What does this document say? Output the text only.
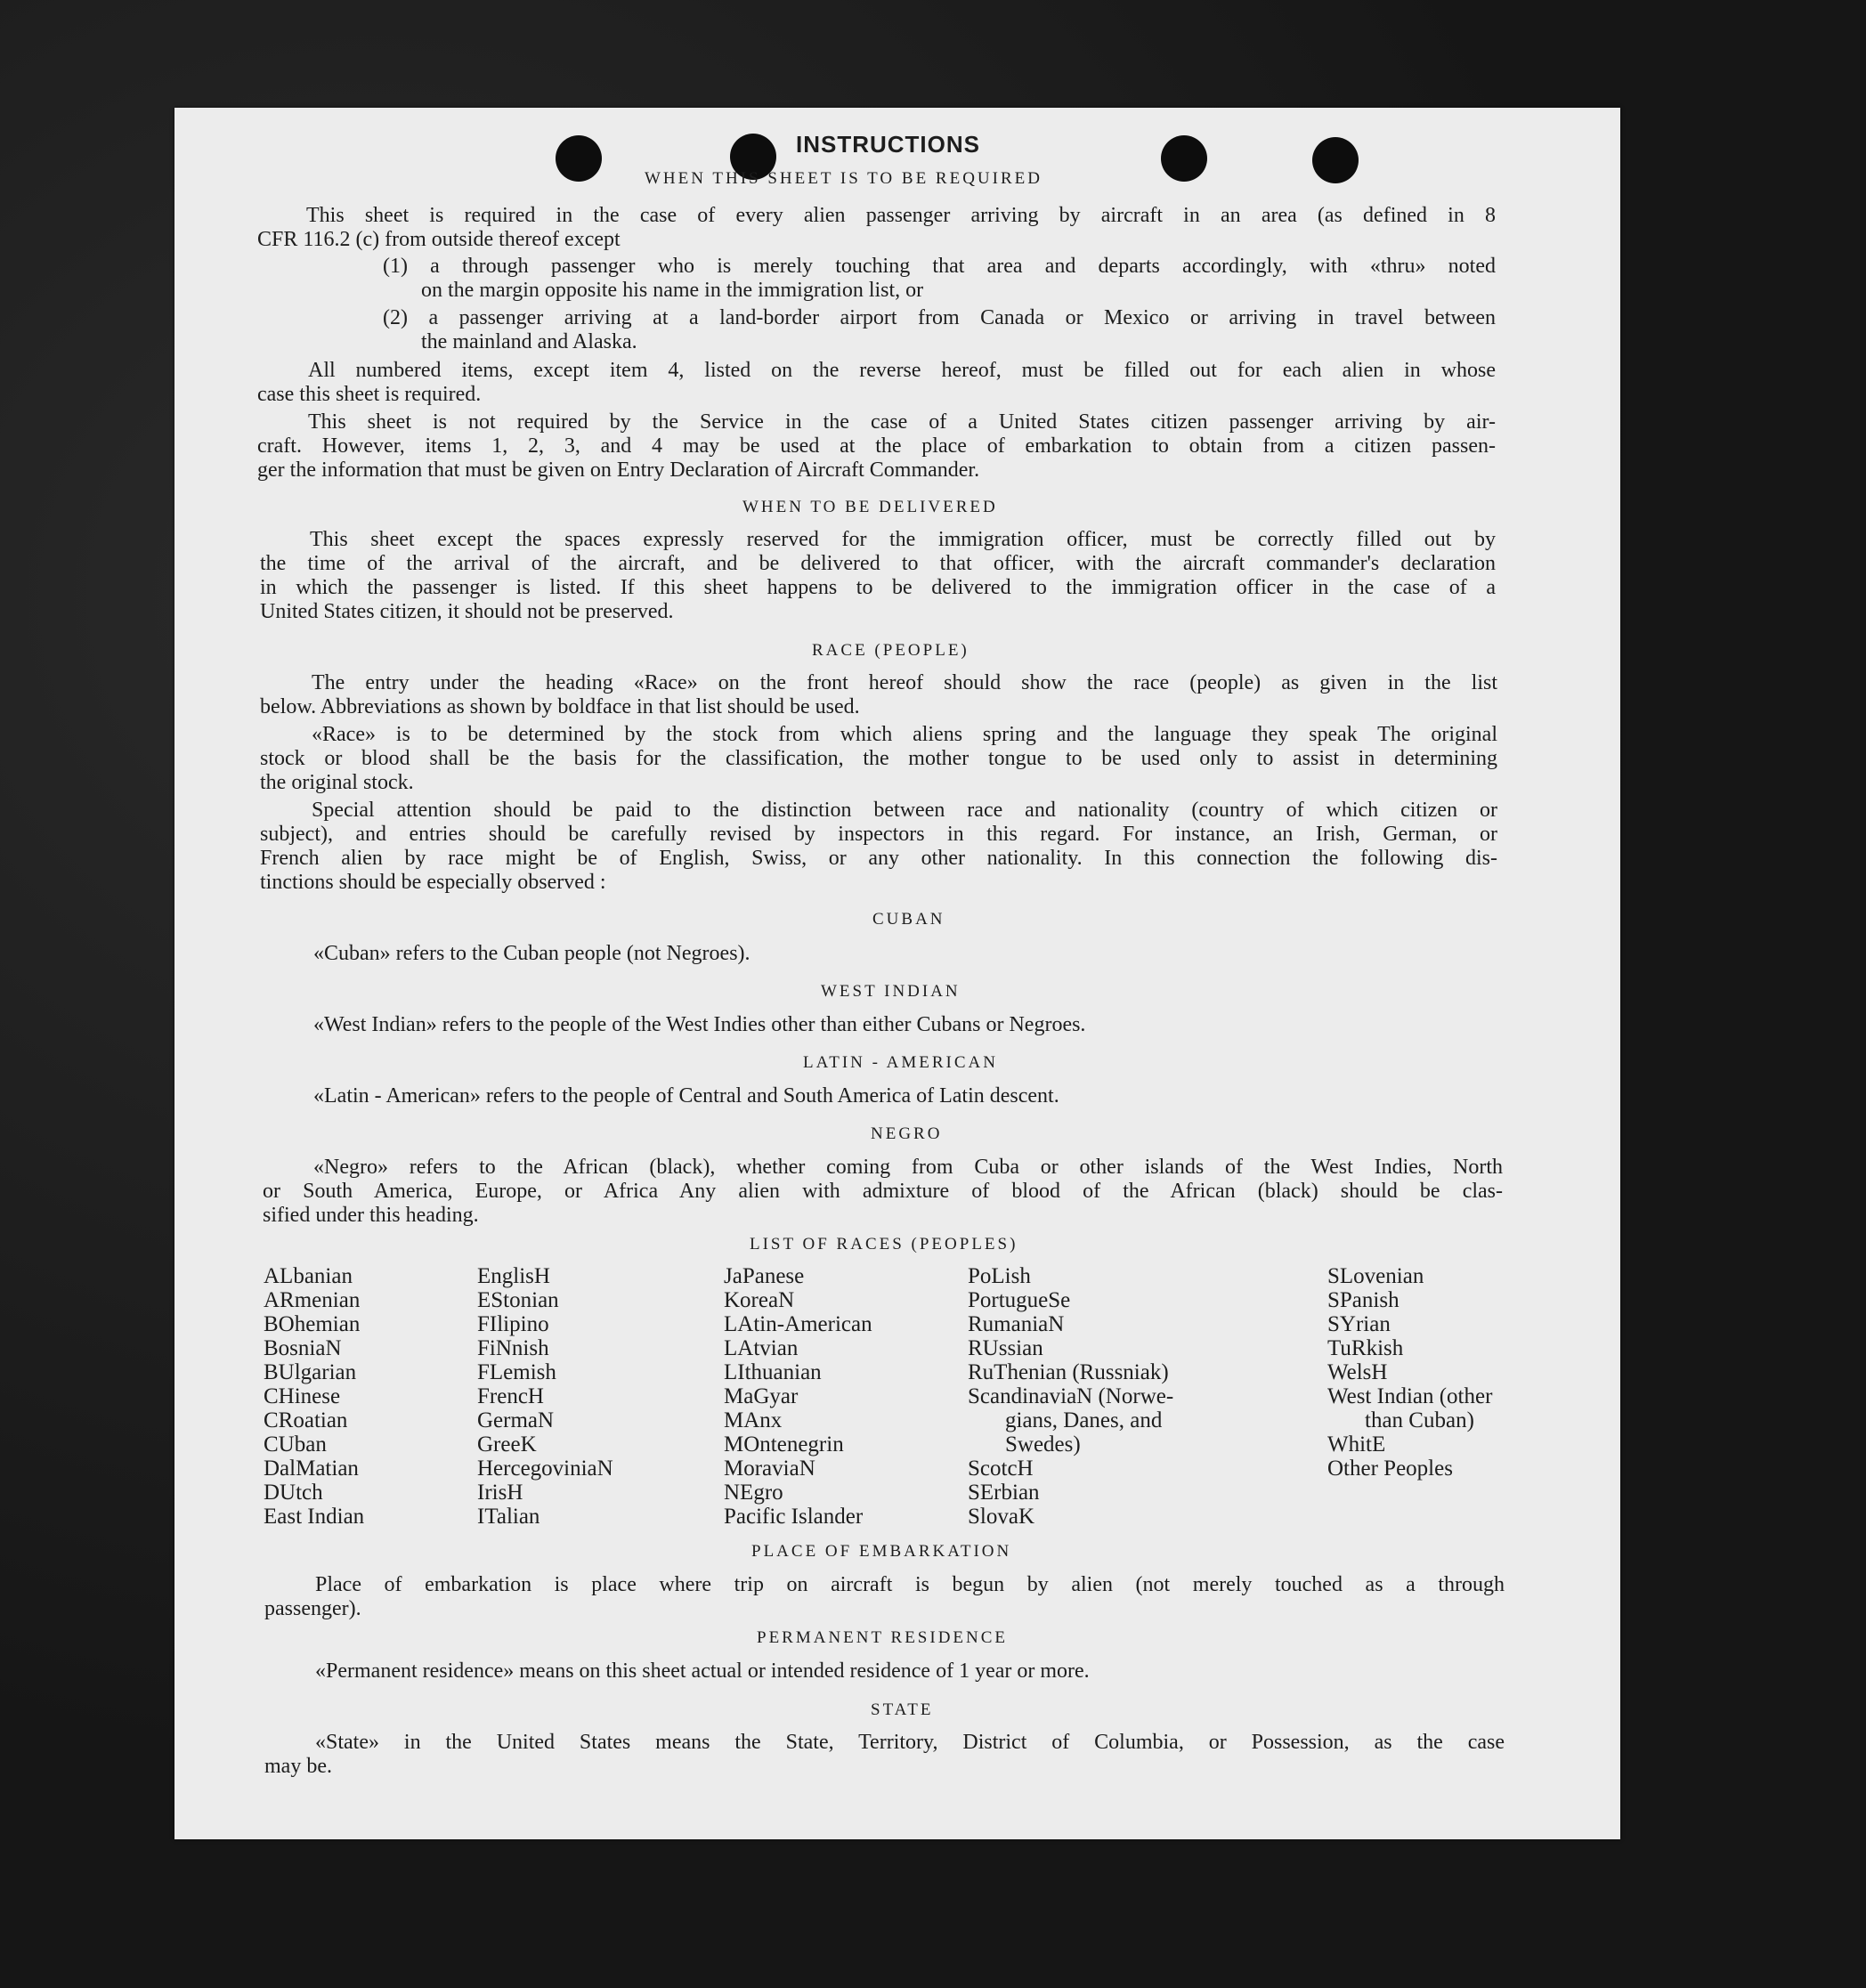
INSTRUCTIONS
WHEN THIS SHEET IS TO BE REQUIRED
This sheet is required in the case of every alien passenger arriving by aircraft in an area (as defined in 8
CFR 116.2 (c) from outside thereof except
(1) a through passenger who is merely touching that area and departs accordingly, with «thru» noted
on the margin opposite his name in the immigration list, or
(2) a passenger arriving at a land-border airport from Canada or Mexico or arriving in travel between
the mainland and Alaska.
All numbered items, except item 4, listed on the reverse hereof, must be filled out for each alien in whose
case this sheet is required.
This sheet is not required by the Service in the case of a United States citizen passenger arriving by air-
craft. However, items 1, 2, 3, and 4 may be used at the place of embarkation to obtain from a citizen passen-
ger the information that must be given on Entry Declaration of Aircraft Commander.
WHEN TO BE DELIVERED
This sheet except the spaces expressly reserved for the immigration officer, must be correctly filled out by
the time of the arrival of the aircraft, and be delivered to that officer, with the aircraft commander's declaration
in which the passenger is listed. If this sheet happens to be delivered to the immigration officer in the case of a
United States citizen, it should not be preserved.
RACE (PEOPLE)
The entry under the heading «Race» on the front hereof should show the race (people) as given in the list
below. Abbreviations as shown by boldface in that list should be used.
«Race» is to be determined by the stock from which aliens spring and the language they speak The original
stock or blood shall be the basis for the classification, the mother tongue to be used only to assist in determining
the original stock.
Special attention should be paid to the distinction between race and nationality (country of which citizen or
subject), and entries should be carefully revised by inspectors in this regard. For instance, an Irish, German, or
French alien by race might be of English, Swiss, or any other nationality. In this connection the following dis-
tinctions should be especially observed :
CUBAN
«Cuban» refers to the Cuban people (not Negroes).
WEST INDIAN
«West Indian» refers to the people of the West Indies other than either Cubans or Negroes.
LATIN - AMERICAN
«Latin - American» refers to the people of Central and South America of Latin descent.
NEGRO
«Negro» refers to the African (black), whether coming from Cuba or other islands of the West Indies, North
or South America, Europe, or Africa Any alien with admixture of blood of the African (black) should be clas-
sified under this heading.
LIST OF RACES (PEOPLES)
ALbanian
ARmenian
BOhemian
BosniaN
BUlgarian
CHinese
CRoatian
CUban
DalMatian
DUtch
East Indian
EnglisH
EStonian
FIlipino
FiNnish
FLemish
FrencH
GermaN
GreeK
HercegoviniaN
IrisH
ITalian
JaPanese
KoreaN
LAtin-American
LAtvian
LIthuanian
MaGyar
MAnx
MOntenegrin
MoraviaN
NEgro
Pacific Islander
PoLish
PortugueSe
RumaniaN
RUssian
RuThenian (Russniak)
ScandinaviaN (Norwe-
gians, Danes, and
Swedes)
ScotcH
SErbian
SlovaK
SLovenian
SPanish
SYrian
TuRkish
WelsH
West Indian (other
than Cuban)
WhitE
Other Peoples
PLACE OF EMBARKATION
Place of embarkation is place where trip on aircraft is begun by alien (not merely touched as a through
passenger).
PERMANENT RESIDENCE
«Permanent residence» means on this sheet actual or intended residence of 1 year or more.
STATE
«State» in the United States means the State, Territory, District of Columbia, or Possession, as the case
may be.
